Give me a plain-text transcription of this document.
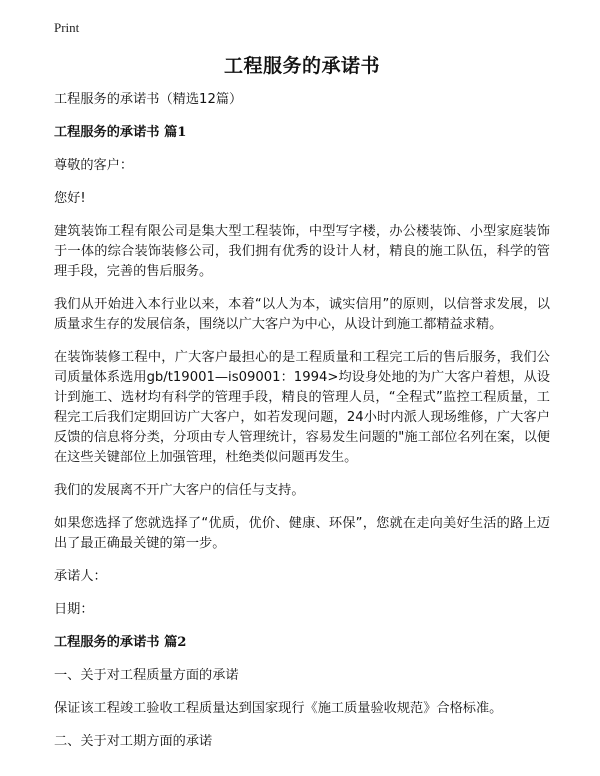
Print
工程服务的承诺书
工程服务的承诺书（精选12篇）
工程服务的承诺书 篇1
尊敬的客户：
您好!
建筑装饰工程有限公司是集大型工程装饰，中型写字楼，办公楼装饰、小型家庭装饰于一体的综合装饰装修公司，我们拥有优秀的设计人材，精良的施工队伍，科学的管理手段，完善的售后服务。
我们从开始进入本行业以来，本着“以人为本，诚实信用”的原则，以信誉求发展，以质量求生存的发展信条，围绕以广大客户为中心，从设计到施工都精益求精。
在装饰装修工程中，广大客户最担心的是工程质量和工程完工后的售后服务，我们公司质量体系选用gb/t19001—is09001：1994>均设身处地的为广大客户着想，从设计到施工、选材均有科学的管理手段，精良的管理人员，“全程式”监控工程质量，工程完工后我们定期回访广大客户，如若发现问题，24小时内派人现场维修，广大客户反馈的信息将分类，分项由专人管理统计，容易发生问题的"施工部位名列在案，以便在这些关键部位上加强管理，杜绝类似问题再发生。
我们的发展离不开广大客户的信任与支持。
如果您选择了您就选择了“优质，优价、健康、环保”，您就在走向美好生活的路上迈出了最正确最关键的第一步。
承诺人：
日期：
工程服务的承诺书 篇2
一、关于对工程质量方面的承诺
保证该工程竣工验收工程质量达到国家现行《施工质量验收规范》合格标准。
二、关于对工期方面的承诺
